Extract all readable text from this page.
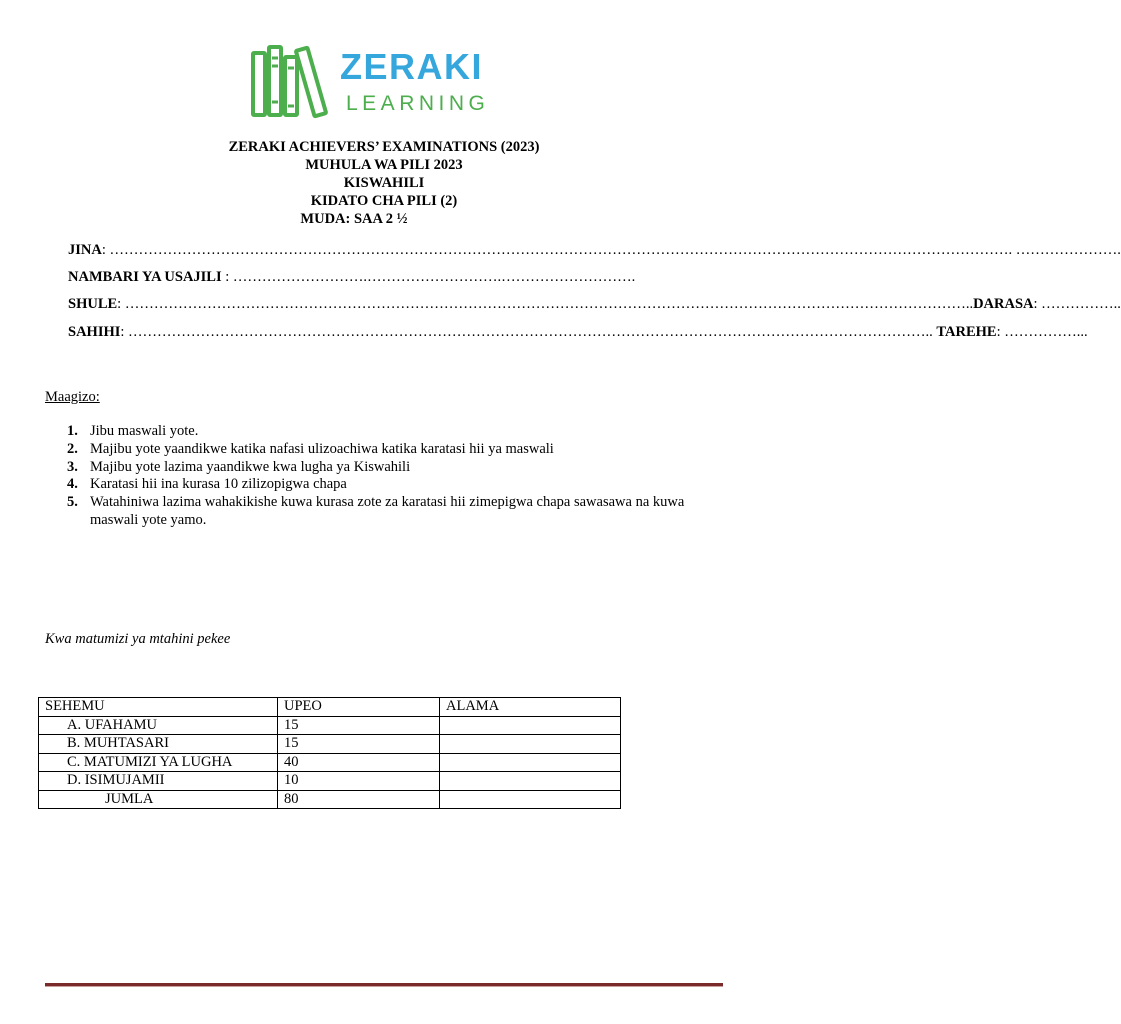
ZERAKI
LEARNING
ZERAKI ACHIEVERS’ EXAMINATIONS (2023)
MUHULA WA PILI 2023
KISWAHILI
KIDATO CHA PILI (2)
MUDA: SAA 2 ½
JINA: ……………………………………………………………………………………………………………………………………………………………………. ………………….
NAMBARI YA USAJILI : ……………………….……………………….……………………….
SHULE: …………………………………………………………………………………………………………………………………………………………..DARASA: ……………..
SAHIHI: ………………………………………………………………………………………………………………………………………………….. TAREHE: ……………...
Maagizo:
1. Jibu maswali yote.
2. Majibu yote yaandikwe katika nafasi ulizoachiwa katika karatasi hii ya maswali
3. Majibu yote lazima yaandikwe kwa lugha ya Kiswahili
4. Karatasi hii ina kurasa 10 zilizopigwa chapa
5. Watahiniwa lazima wahakikishe kuwa kurasa zote za karatasi hii zimepigwa chapa sawasawa na kuwa maswali yote yamo.
Kwa matumizi ya mtahini pekee
SEHEMU	UPEO	ALAMA
A. UFAHAMU	15	
B. MUHTASARI	15	
C. MATUMIZI YA LUGHA	40	
D. ISIMUJAMII	10	
JUMLA	80	
